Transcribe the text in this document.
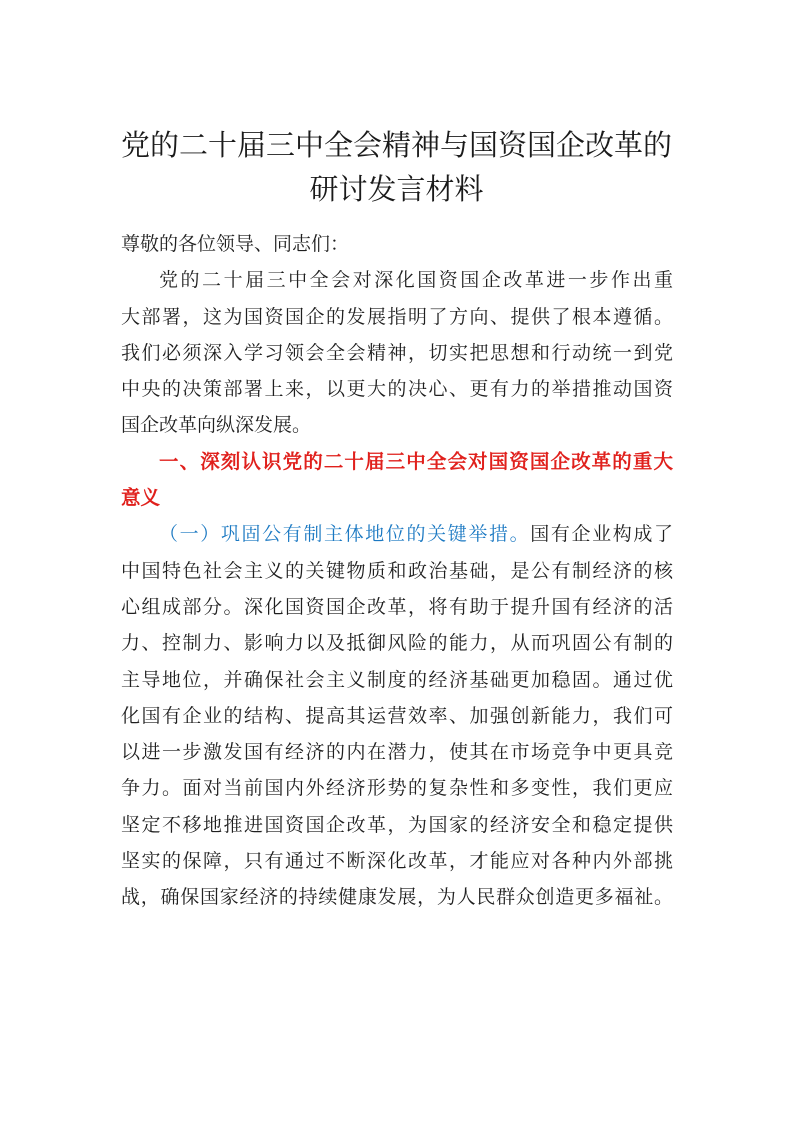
党的二十届三中全会精神与国资国企改革的
研讨发言材料
尊敬的各位领导、同志们：
党的二十届三中全会对深化国资国企改革进一步作出重
大部署，这为国资国企的发展指明了方向、提供了根本遵循。
我们必须深入学习领会全会精神，切实把思想和行动统一到党
中央的决策部署上来，以更大的决心、更有力的举措推动国资
国企改革向纵深发展。
一、深刻认识党的二十届三中全会对国资国企改革的重大
意义
（一）巩固公有制主体地位的关键举措。国有企业构成了
中国特色社会主义的关键物质和政治基础，是公有制经济的核
心组成部分。深化国资国企改革，将有助于提升国有经济的活
力、控制力、影响力以及抵御风险的能力，从而巩固公有制的
主导地位，并确保社会主义制度的经济基础更加稳固。通过优
化国有企业的结构、提高其运营效率、加强创新能力，我们可
以进一步激发国有经济的内在潜力，使其在市场竞争中更具竞
争力。面对当前国内外经济形势的复杂性和多变性，我们更应
坚定不移地推进国资国企改革，为国家的经济安全和稳定提供
坚实的保障，只有通过不断深化改革，才能应对各种内外部挑
战，确保国家经济的持续健康发展，为人民群众创造更多福祉。
